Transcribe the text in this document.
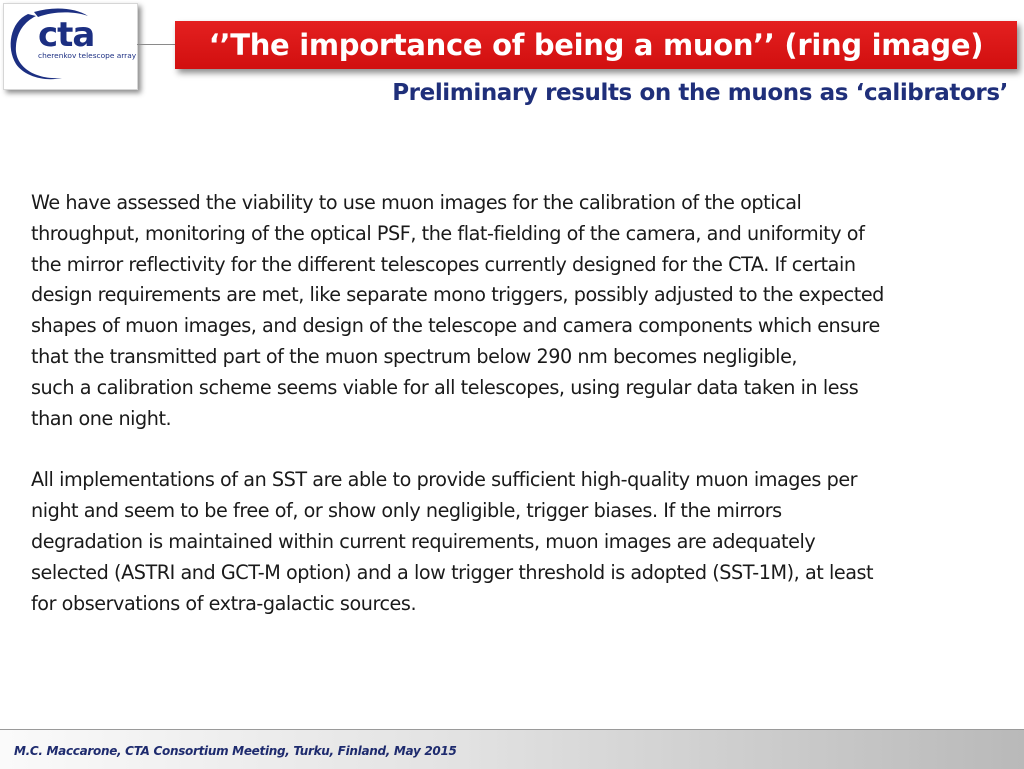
cta
cherenkov telescope array	‘’The importance of being a muon’’ (ring image)
Preliminary results on the muons as ‘calibrators’

We have assessed the viability to use muon images for the calibration of the optical
throughput, monitoring of the optical PSF, the flat-fielding of the camera, and uniformity of
the mirror reflectivity for the different telescopes currently designed for the CTA. If certain
design requirements are met, like separate mono triggers, possibly adjusted to the expected
shapes of muon images, and design of the telescope and camera components which ensure
that the transmitted part of the muon spectrum below 290 nm becomes negligible,
such a calibration scheme seems viable for all telescopes, using regular data taken in less
than one night.

All implementations of an SST are able to provide sufficient high-quality muon images per
night and seem to be free of, or show only negligible, trigger biases. If the mirrors
degradation is maintained within current requirements, muon images are adequately
selected (ASTRI and GCT-M option) and a low trigger threshold is adopted (SST-1M), at least
for observations of extra-galactic sources.

M.C. Maccarone, CTA Consortium Meeting, Turku, Finland, May 2015
